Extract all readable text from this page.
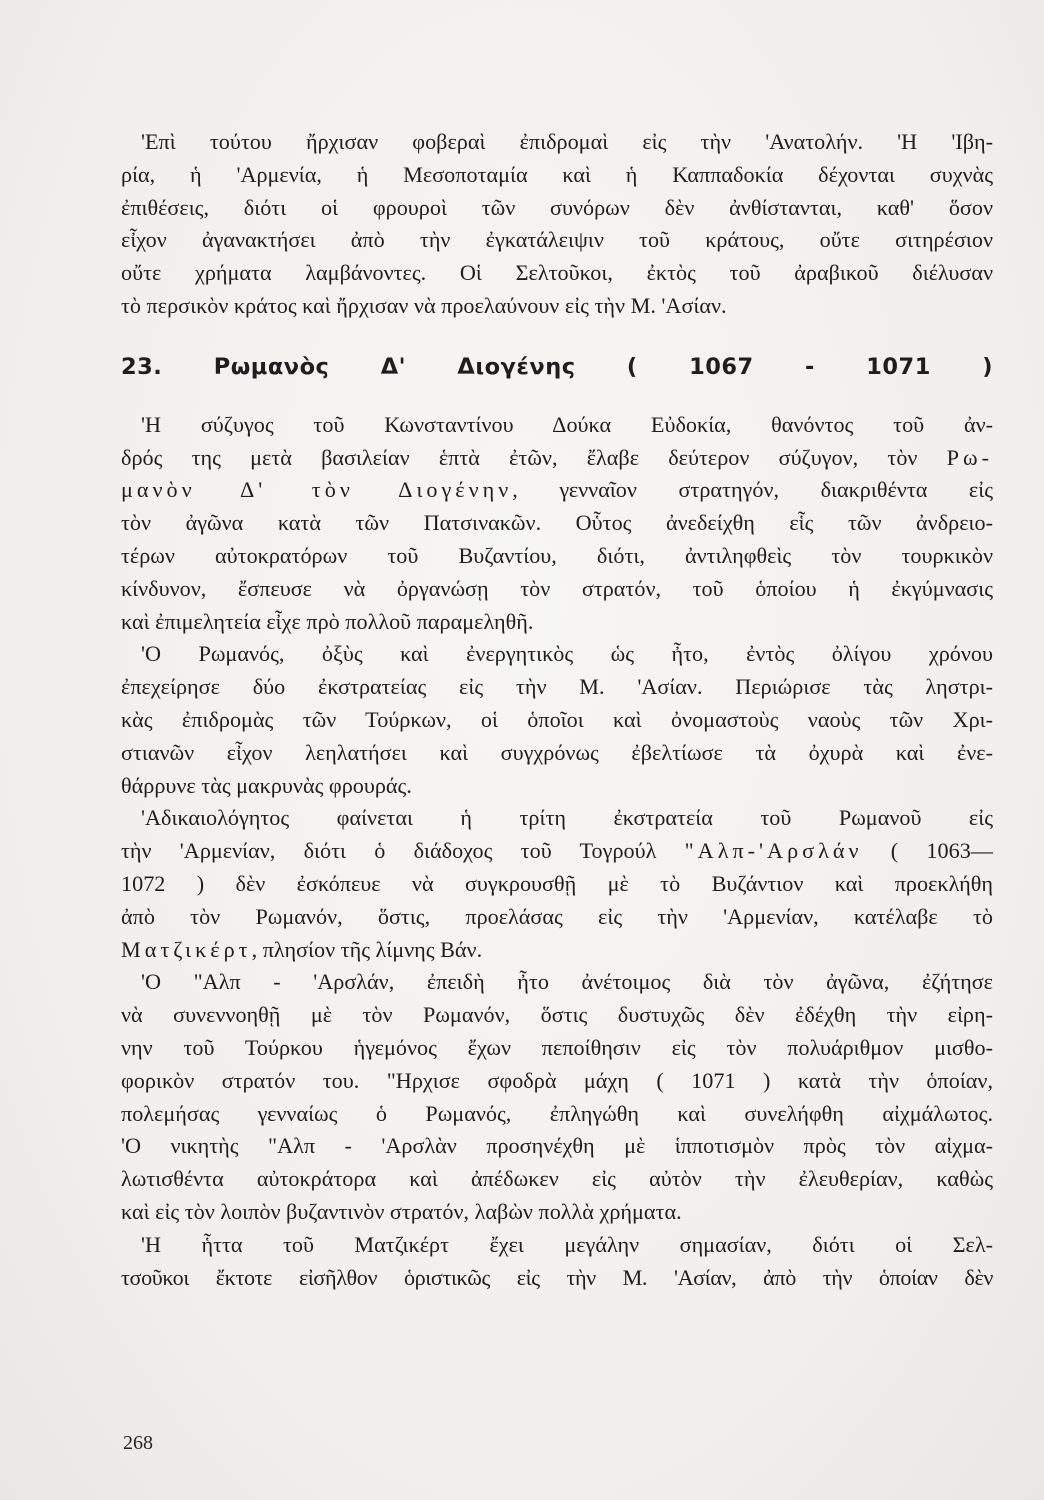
'Επὶ τούτου ἤρχισαν φοβεραὶ ἐπιδρομαὶ εἰς τὴν 'Ανατολήν. 'Η 'Ιβη-
ρία, ἡ 'Αρμενία, ἡ Μεσοποταμία καὶ ἡ Καππαδοκία δέχονται συχνὰς
ἐπιθέσεις, διότι οἱ φρουροὶ τῶν συνόρων δὲν ἀνθίστανται, καθ' ὅσον
εἶχον ἀγανακτήσει ἀπὸ τὴν ἐγκατάλειψιν τοῦ κράτους, οὔτε σιτηρέσιον
οὔτε χρήματα λαμβάνοντες. Οἱ Σελτοῦκοι, ἐκτὸς τοῦ ἀραβικοῦ διέλυσαν
τὸ περσικὸν κράτος καὶ ἤρχισαν νὰ προελαύνουν εἰς τὴν Μ. 'Ασίαν.

23. Ρωμανὸς Δ' Διογένης ( 1067 - 1071 )

'Η σύζυγος τοῦ Κωνσταντίνου Δούκα Εὐδοκία, θανόντος τοῦ ἀν-
δρός της μετὰ βασιλείαν ἑπτὰ ἐτῶν, ἔλαβε δεύτερον σύζυγον, τὸν Ρω-
μανὸν Δ' τὸν Διογένην, γενναῖον στρατηγόν, διακριθέντα εἰς
τὸν ἀγῶνα κατὰ τῶν Πατσινακῶν. Οὗτος ἀνεδείχθη εἷς τῶν ἀνδρειο-
τέρων αὐτοκρατόρων τοῦ Βυζαντίου, διότι, ἀντιληφθεὶς τὸν τουρκικὸν
κίνδυνον, ἔσπευσε νὰ ὀργανώσῃ τὸν στρατόν, τοῦ ὁποίου ἡ ἐκγύμνασις
καὶ ἐπιμελητεία εἶχε πρὸ πολλοῦ παραμεληθῆ.

'Ο Ρωμανός, ὀξὺς καὶ ἐνεργητικὸς ὡς ἦτο, ἐντὸς ὀλίγου χρόνου
ἐπεχείρησε δύο ἐκστρατείας εἰς τὴν Μ. 'Ασίαν. Περιώρισε τὰς ληστρι-
κὰς ἐπιδρομὰς τῶν Τούρκων, οἱ ὁποῖοι καὶ ὀνομαστοὺς ναοὺς τῶν Χρι-
στιανῶν εἶχον λεηλατήσει καὶ συγχρόνως ἐβελτίωσε τὰ ὀχυρὰ καὶ ἐνε-
θάρρυνε τὰς μακρυνὰς φρουράς.

'Αδικαιολόγητος φαίνεται ἡ τρίτη ἐκστρατεία τοῦ Ρωμανοῦ εἰς
τὴν 'Αρμενίαν, διότι ὁ διάδοχος τοῦ Τογρούλ "Αλπ-'Αρσλάν ( 1063—
1072 ) δὲν ἐσκόπευε νὰ συγκρουσθῇ μὲ τὸ Βυζάντιον καὶ προεκλήθη
ἀπὸ τὸν Ρωμανόν, ὅστις, προελάσας εἰς τὴν 'Αρμενίαν, κατέλαβε τὸ
Ματζικέρτ, πλησίον τῆς λίμνης Βάν.

'Ο "Αλπ - 'Αρσλάν, ἐπειδὴ ἦτο ἀνέτοιμος διὰ τὸν ἀγῶνα, ἐζήτησε
νὰ συνεννοηθῇ μὲ τὸν Ρωμανόν, ὅστις δυστυχῶς δὲν ἐδέχθη τὴν εἰρη-
νην τοῦ Τούρκου ἡγεμόνος ἔχων πεποίθησιν εἰς τὸν πολυάριθμον μισθο-
φορικὸν στρατόν του. "Ηρχισε σφοδρὰ μάχη ( 1071 ) κατὰ τὴν ὁποίαν,
πολεμήσας γενναίως ὁ Ρωμανός, ἐπληγώθη καὶ συνελήφθη αἰχμάλωτος.
'Ο νικητὴς "Αλπ - 'Αρσλὰν προσηνέχθη μὲ ἱπποτισμὸν πρὸς τὸν αἰχμα-
λωτισθέντα αὐτοκράτορα καὶ ἀπέδωκεν εἰς αὐτὸν τὴν ἐλευθερίαν, καθὼς
καὶ εἰς τὸν λοιπὸν βυζαντινὸν στρατόν, λαβὼν πολλὰ χρήματα.

'Η ἧττα τοῦ Ματζικέρτ ἔχει μεγάλην σημασίαν, διότι οἱ Σελ-
τσοῦκοι ἔκτοτε εἰσῆλθον ὁριστικῶς εἰς τὴν Μ. 'Ασίαν, ἀπὸ τὴν ὁποίαν δὲν

268
